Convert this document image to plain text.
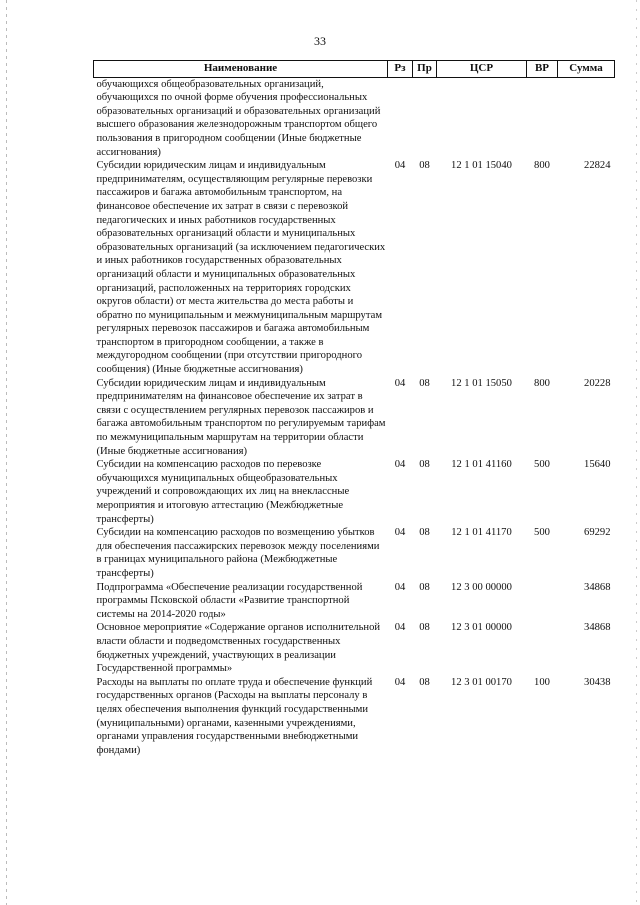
33
Наименование	Рз	Пр	ЦСР	ВР	Сумма
обучающихся общеобразовательных организаций, обучающихся по очной форме обучения профессиональных образовательных организаций и образовательных организаций высшего образования железнодорожным транспортом общего пользования в пригородном сообщении (Иные бюджетные ассигнования)					
Субсидии юридическим лицам и индивидуальным предпринимателям, осуществляющим регулярные перевозки пассажиров и багажа автомобильным транспортом, на финансовое обеспечение их затрат в связи с перевозкой педагогических и иных работников государственных образовательных организаций области и муниципальных образовательных организаций (за исключением педагогических и иных работников государственных образовательных организаций области и муниципальных образовательных организаций, расположенных на территориях городских округов области) от места жительства до места работы и обратно по муниципальным и межмуниципальным маршрутам регулярных перевозок пассажиров и багажа автомобильным транспортом в пригородном сообщении, а также в междугородном сообщении (при отсутствии пригородного сообщения) (Иные бюджетные ассигнования)	04	08	12 1 01 15040	800	22824
Субсидии юридическим лицам и индивидуальным предпринимателям на финансовое обеспечение их затрат в связи с осуществлением регулярных перевозок пассажиров и багажа автомобильным транспортом по регулируемым тарифам по межмуниципальным маршрутам на территории области (Иные бюджетные ассигнования)	04	08	12 1 01 15050	800	20228
Субсидии на компенсацию расходов по перевозке обучающихся муниципальных общеобразовательных учреждений и сопровождающих их лиц на внеклассные мероприятия и итоговую аттестацию (Межбюджетные трансферты)	04	08	12 1 01 41160	500	15640
Субсидии на компенсацию расходов по возмещению убытков для обеспечения пассажирских перевозок между поселениями в границах муниципального района (Межбюджетные трансферты)	04	08	12 1 01 41170	500	69292
Подпрограмма «Обеспечение реализации государственной программы Псковской области «Развитие транспортной системы на 2014-2020 годы»	04	08	12 3 00 00000		34868
Основное мероприятие «Содержание органов исполнительной власти области и подведомственных государственных бюджетных учреждений, участвующих в реализации Государственной программы»	04	08	12 3 01 00000		34868
Расходы на выплаты по оплате труда и обеспечение функций государственных органов (Расходы на выплаты персоналу в целях обеспечения выполнения функций государственными (муниципальными) органами, казенными учреждениями, органами управления государственными внебюджетными фондами)	04	08	12 3 01 00170	100	30438
